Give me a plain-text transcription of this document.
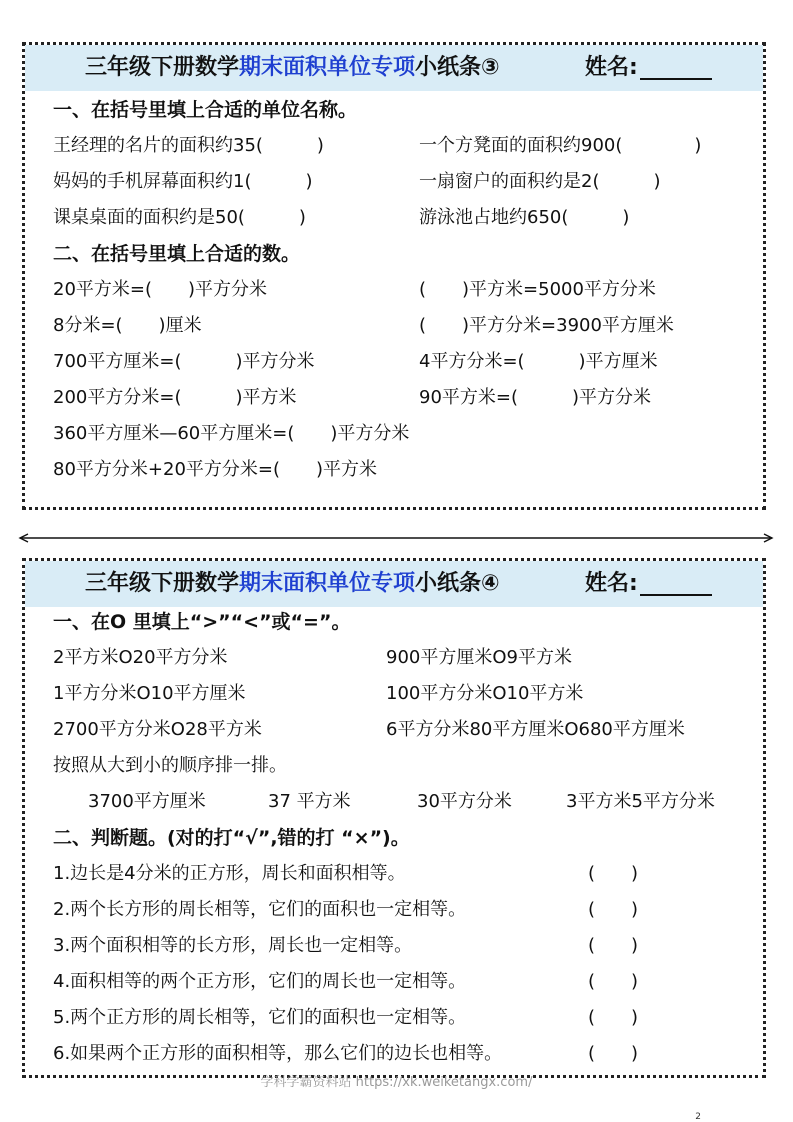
三年级下册数学期末面积单位专项小纸条③	姓名:
一、在括号里填上合适的单位名称。
王经理的名片的面积约35(　　　)	一个方凳面的面积约900(　　　　)
妈妈的手机屏幕面积约1(　　　)	一扇窗户的面积约是2(　　　)
课桌桌面的面积约是50(　　　)	游泳池占地约650(　　　)
二、在括号里填上合适的数。
20平方米=(　　)平方分米	(　　)平方米=5000平方分米
8分米=(　　)厘米	(　　)平方分米=3900平方厘米
700平方厘米=(　　　)平方分米	4平方分米=(　　　)平方厘米
200平方分米=(　　　)平方米	90平方米=(　　　)平方分米
360平方厘米—60平方厘米=(　　)平方分米
80平方分米+20平方分米=(　　)平方米
三年级下册数学期末面积单位专项小纸条④	姓名:
一、在O 里填上“>”“<”或“=”。
2平方米O20平方分米	900平方厘米O9平方米
1平方分米O10平方厘米	100平方分米O10平方米
2700平方分米O28平方米	6平方分米80平方厘米O680平方厘米
按照从大到小的顺序排一排。
3700平方厘米	37 平方米	30平方分米	3平方米5平方分米
二、判断题。(对的打“√”,错的打 “×”)。
1.边长是4分米的正方形，周长和面积相等。	(　　)
2.两个长方形的周长相等，它们的面积也一定相等。	(　　)
3.两个面积相等的长方形，周长也一定相等。	(　　)
4.面积相等的两个正方形，它们的周长也一定相等。	(　　)
5.两个正方形的周长相等，它们的面积也一定相等。	(　　)
6.如果两个正方形的面积相等，那么它们的边长也相等。	(　　)
学科学霸资料站 https://xk.weiketangx.com/
2
